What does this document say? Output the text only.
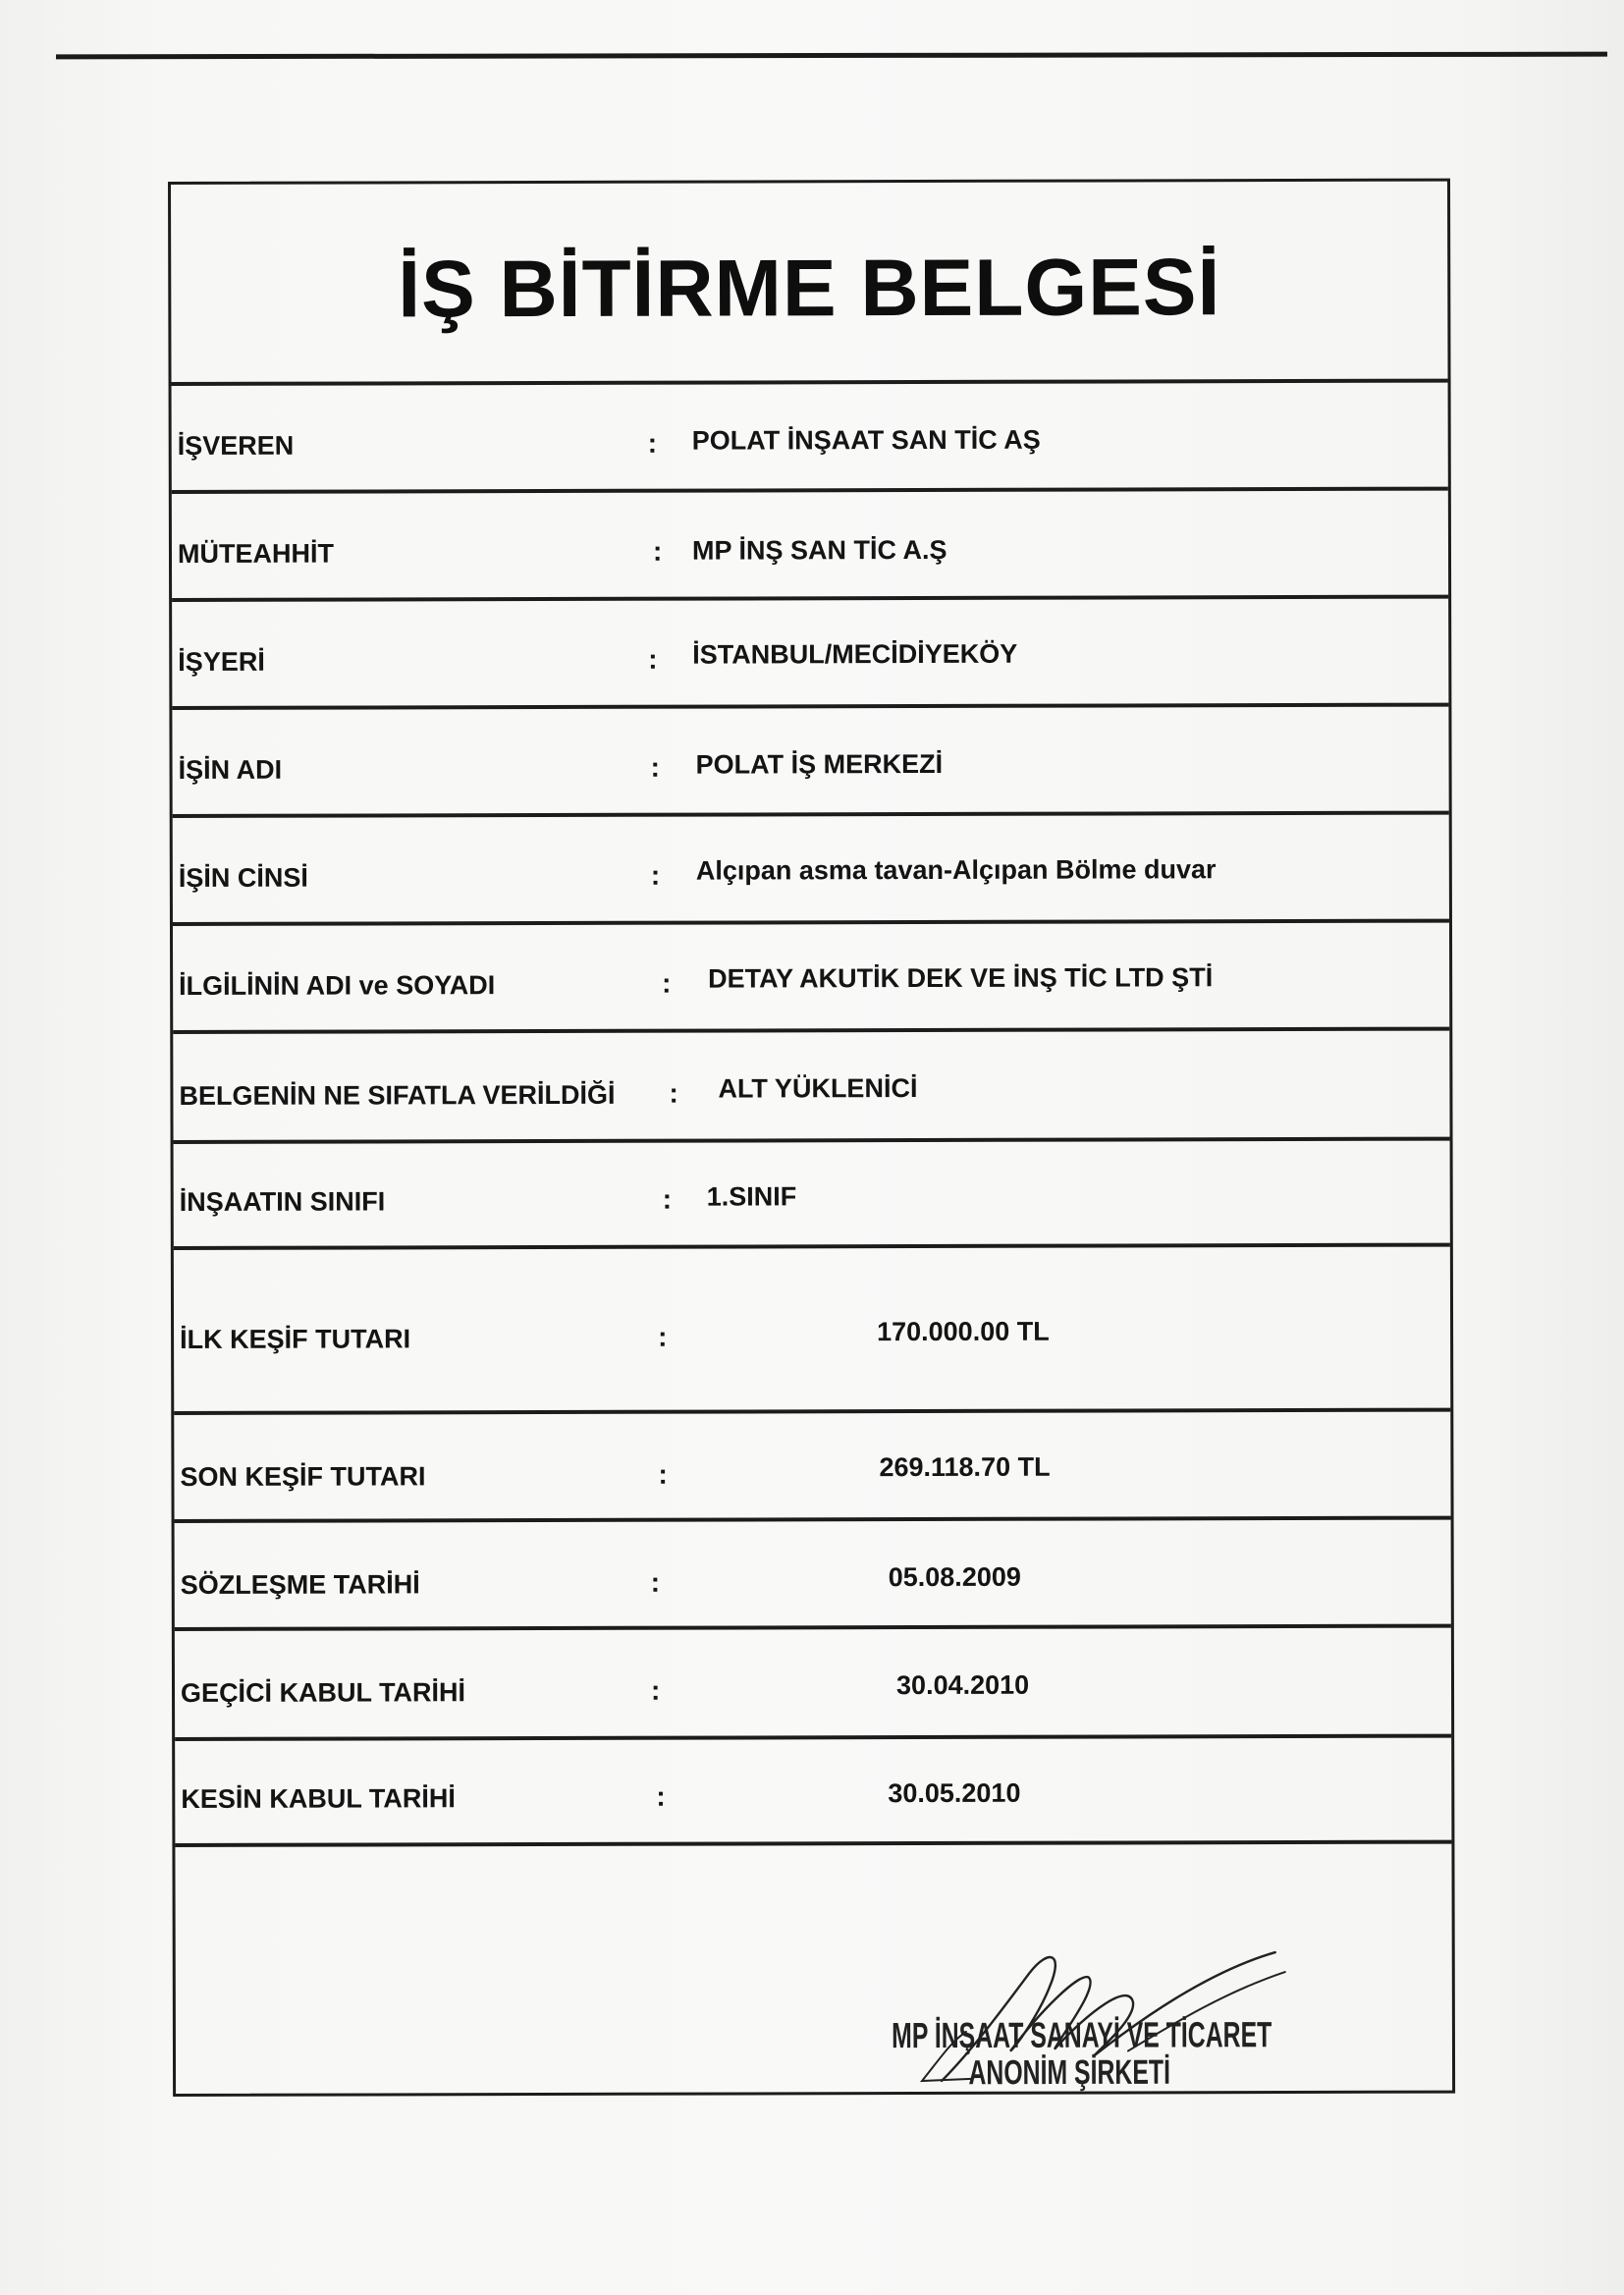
İŞ BİTİRME BELGESİ
İŞVEREN	: POLAT İNŞAAT SAN TİC AŞ
MÜTEAHHİT	: MP İNŞ SAN TİC A.Ş
İŞYERİ	: İSTANBUL/MECİDİYEKÖY
İŞİN ADI	: POLAT İŞ MERKEZİ
İŞİN CİNSİ	: Alçıpan asma tavan-Alçıpan Bölme duvar
İLGİLİNİN ADI ve SOYADI	: DETAY AKUTİK DEK VE İNŞ TİC LTD ŞTİ
BELGENİN NE SIFATLA VERİLDİĞİ : ALT YÜKLENİCİ
İNŞAATIN SINIFI	: 1.SINIF
İLK KEŞİF TUTARI	:	170.000.00 TL
SON KEŞİF TUTARI	:	269.118.70 TL
SÖZLEŞME TARİHİ	:	05.08.2009
GEÇİCİ KABUL TARİHİ	:	30.04.2010
KESİN KABUL TARİHİ	:	30.05.2010
MP İNŞAAT SANAYİ VE TİCARET
ANONİM ŞİRKETİ
